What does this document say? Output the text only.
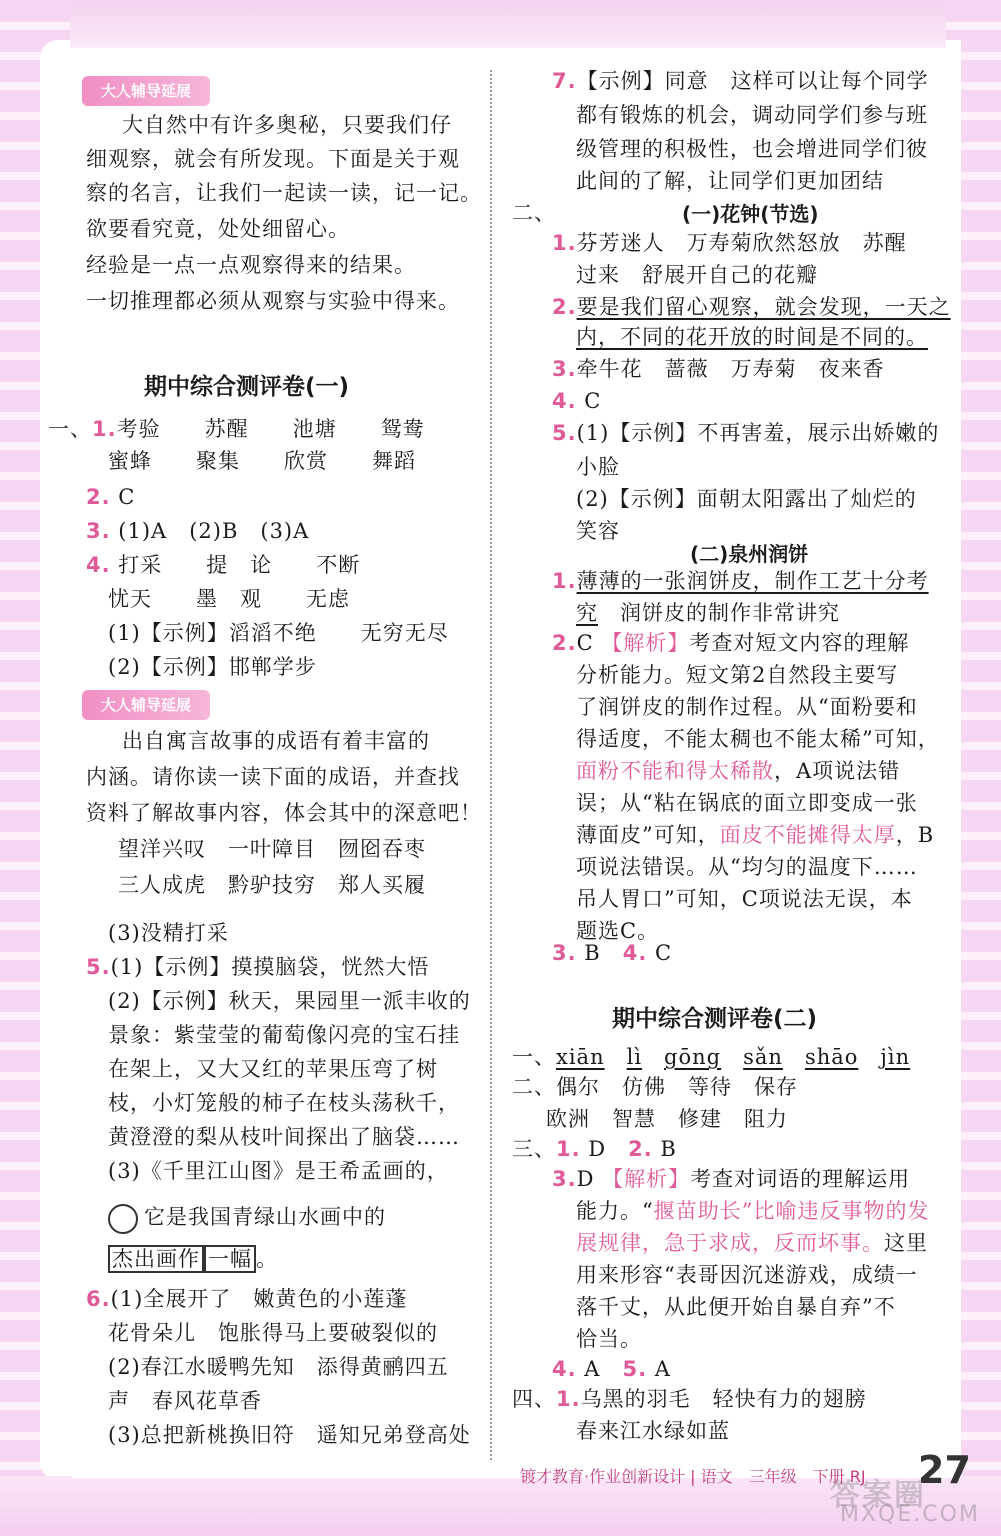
大人辅导延展
大自然中有许多奥秘，只要我们仔
细观察，就会有所发现。下面是关于观
察的名言，让我们一起读一读，记一记。
欲要看究竟，处处细留心。
经验是一点一点观察得来的结果。
一切推理都必须从观察与实验中得来。
期中综合测评卷(一)
一、1.考验　　苏醒　　池塘　　鸳鸯
蜜蜂　　聚集　　欣赏　　舞蹈
2. C
3. (1)A　(2)B　(3)A
4. 打采　　提　论　　不断
忧天　　墨　观　　无虑
(1)【示例】滔滔不绝　　无穷无尽
(2)【示例】邯郸学步
大人辅导延展
出自寓言故事的成语有着丰富的
内涵。请你读一读下面的成语，并查找
资料了解故事内容，体会其中的深意吧！
望洋兴叹　一叶障目　囫囵吞枣
三人成虎　黔驴技穷　郑人买履
(3)没精打采
5.(1)【示例】摸摸脑袋，恍然大悟
(2)【示例】秋天，果园里一派丰收的
景象：紫莹莹的葡萄像闪亮的宝石挂
在架上，又大又红的苹果压弯了树
枝，小灯笼般的柿子在枝头荡秋千，
黄澄澄的梨从枝叶间探出了脑袋……
(3)《千里江山图》是王希孟画的，
它是我国青绿山水画中的
杰出画作 一幅 。
6.(1)全展开了　嫩黄色的小莲蓬
花骨朵儿　饱胀得马上要破裂似的
(2)春江水暖鸭先知　添得黄鹂四五
声　春风花草香
(3)总把新桃换旧符　遥知兄弟登高处
7.【示例】同意　这样可以让每个同学
都有锻炼的机会，调动同学们参与班
级管理的积极性，也会增进同学们彼
此间的了解，让同学们更加团结
二、	(一)花钟(节选)
1.芬芳迷人　万寿菊欣然怒放　苏醒
过来　舒展开自己的花瓣
2.要是我们留心观察，就会发现，一天之
内，不同的花开放的时间是不同的。
3.牵牛花　蔷薇　万寿菊　夜来香
4. C
5.(1)【示例】不再害羞，展示出娇嫩的
小脸
(2)【示例】面朝太阳露出了灿烂的
笑容
(二)泉州润饼
1.薄薄的一张润饼皮，制作工艺十分考
究　润饼皮的制作非常讲究
2.C 【解析】考查对短文内容的理解
分析能力。短文第2自然段主要写
了润饼皮的制作过程。从“面粉要和
得适度，不能太稠也不能太稀”可知，
面粉不能和得太稀散，A项说法错
误；从“粘在锅底的面立即变成一张
薄面皮”可知，面皮不能摊得太厚，B
项说法错误。从“均匀的温度下……
吊人胃口”可知，C项说法无误，本
题选C。
3. B　 4. C
期中综合测评卷(二)
一、xiān　 lì　 gōng　 sǎn　 shāo　 jìn
二、偶尔　仿佛　等待　保存
欧洲　智慧　修建　阻力
三、1. D　 2. B
3.D 【解析】考查对词语的理解运用
能力。“揠苗助长”比喻违反事物的发
展规律，急于求成，反而坏事。这里
用来形容“表哥因沉迷游戏，成绩一
落千丈，从此便开始自暴自弃”不
恰当。
4. A　 5. A
四、1.乌黑的羽毛　轻快有力的翅膀
春来江水绿如蓝
镀才教育·作业创新设计 | 语文　三年级　下册 RJ 27
答案圈
MXQE.COM
